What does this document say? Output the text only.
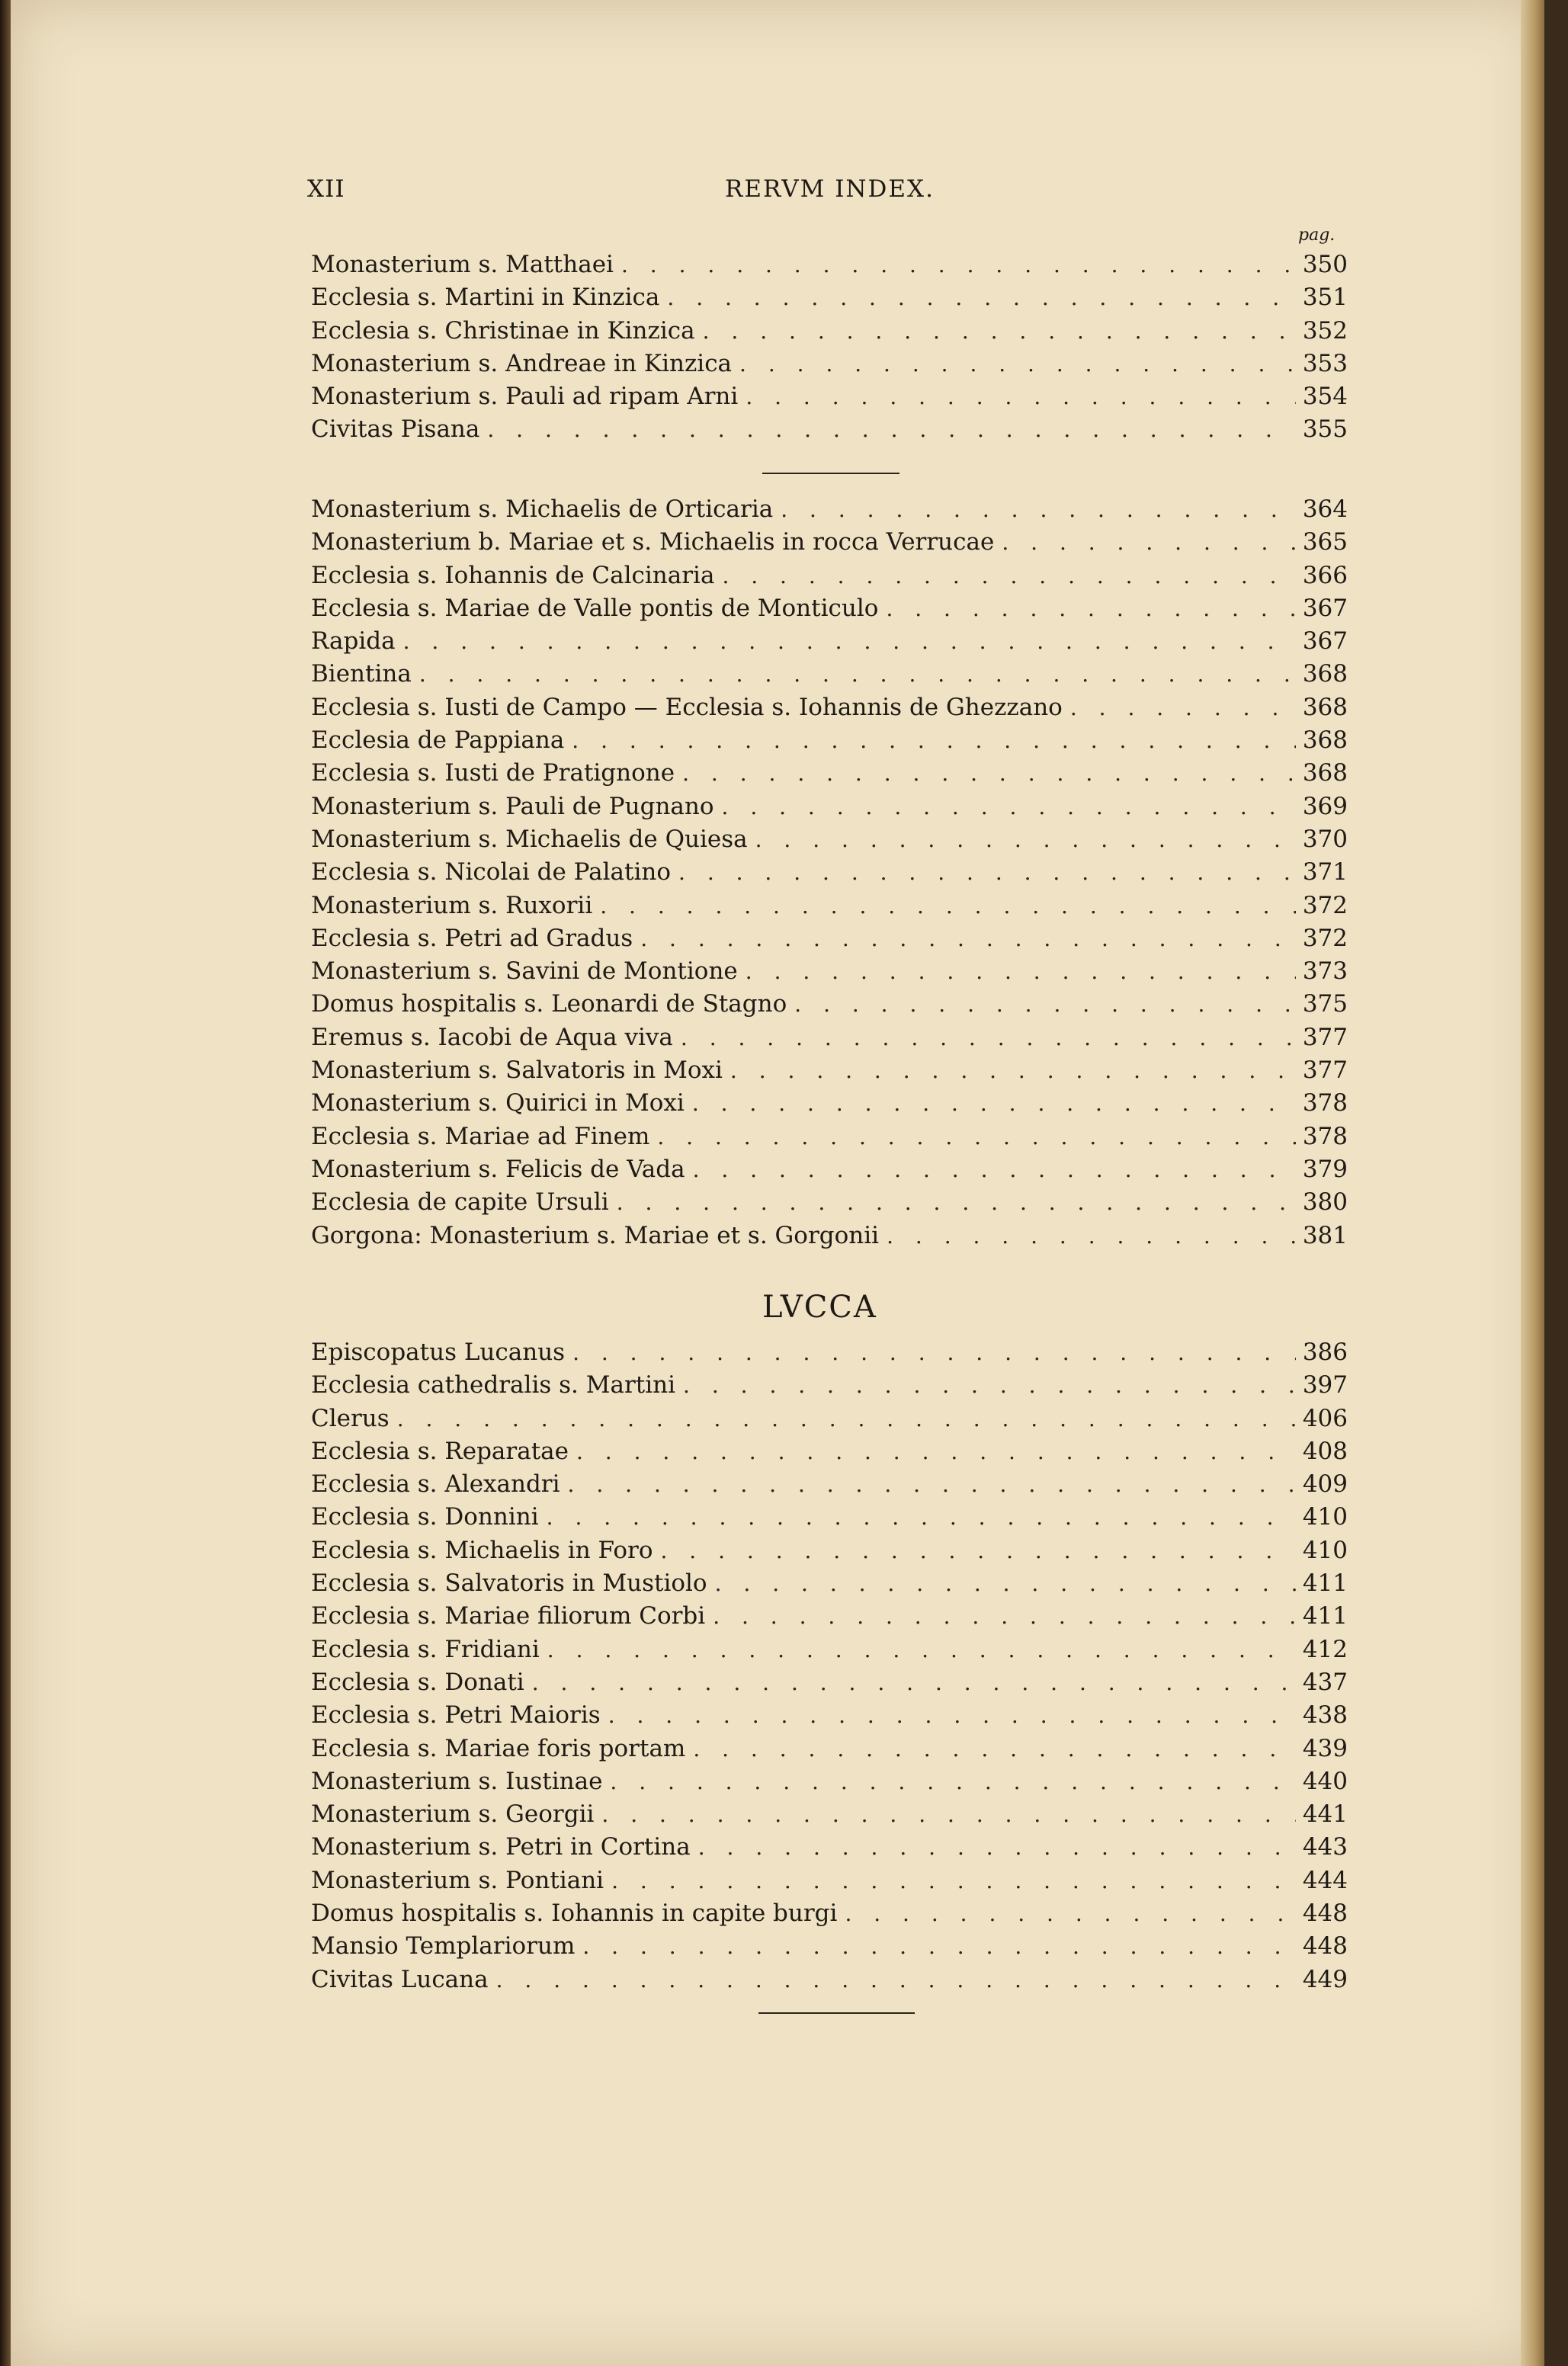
XII	RERVM INDEX.
pag.
Monasterium s. Matthaei . . .	350
Ecclesia s. Martini in Kinzica . . .	351
Ecclesia s. Christinae in Kinzica . . .	352
Monasterium s. Andreae in Kinzica . . .	353
Monasterium s. Pauli ad ripam Arni . . .	354
Civitas Pisana . . .	355
Monasterium s. Michaelis de Orticaria . . .	364
Monasterium b. Mariae et s. Michaelis in rocca Verrucae . . .	365
Ecclesia s. Iohannis de Calcinaria . . .	366
Ecclesia s. Mariae de Valle pontis de Monticulo . . .	367
Rapida . . .	367
Bientina . . .	368
Ecclesia s. Iusti de Campo — Ecclesia s. Iohannis de Ghezzano . . .	368
Ecclesia de Pappiana . . .	368
Ecclesia s. Iusti de Pratignone . . .	368
Monasterium s. Pauli de Pugnano . . .	369
Monasterium s. Michaelis de Quiesa . . .	370
Ecclesia s. Nicolai de Palatino . . .	371
Monasterium s. Ruxorii . . .	372
Ecclesia s. Petri ad Gradus . . .	372
Monasterium s. Savini de Montione . . .	373
Domus hospitalis s. Leonardi de Stagno . . .	375
Eremus s. Iacobi de Aqua viva . . .	377
Monasterium s. Salvatoris in Moxi . . .	377
Monasterium s. Quirici in Moxi . . .	378
Ecclesia s. Mariae ad Finem . . .	378
Monasterium s. Felicis de Vada . . .	379
Ecclesia de capite Ursuli . . .	380
Gorgona: Monasterium s. Mariae et s. Gorgonii . . .	381
LVCCA
Episcopatus Lucanus . . .	386
Ecclesia cathedralis s. Martini . . .	397
Clerus . . .	406
Ecclesia s. Reparatae . . .	408
Ecclesia s. Alexandri . . .	409
Ecclesia s. Donnini . . .	410
Ecclesia s. Michaelis in Foro . . .	410
Ecclesia s. Salvatoris in Mustiolo . . .	411
Ecclesia s. Mariae filiorum Corbi . . .	411
Ecclesia s. Fridiani . . .	412
Ecclesia s. Donati . . .	437
Ecclesia s. Petri Maioris . . .	438
Ecclesia s. Mariae foris portam . . .	439
Monasterium s. Iustinae . . .	440
Monasterium s. Georgii . . .	441
Monasterium s. Petri in Cortina . . .	443
Monasterium s. Pontiani . . .	444
Domus hospitalis s. Iohannis in capite burgi . . .	448
Mansio Templariorum . . .	448
Civitas Lucana . . .	449
